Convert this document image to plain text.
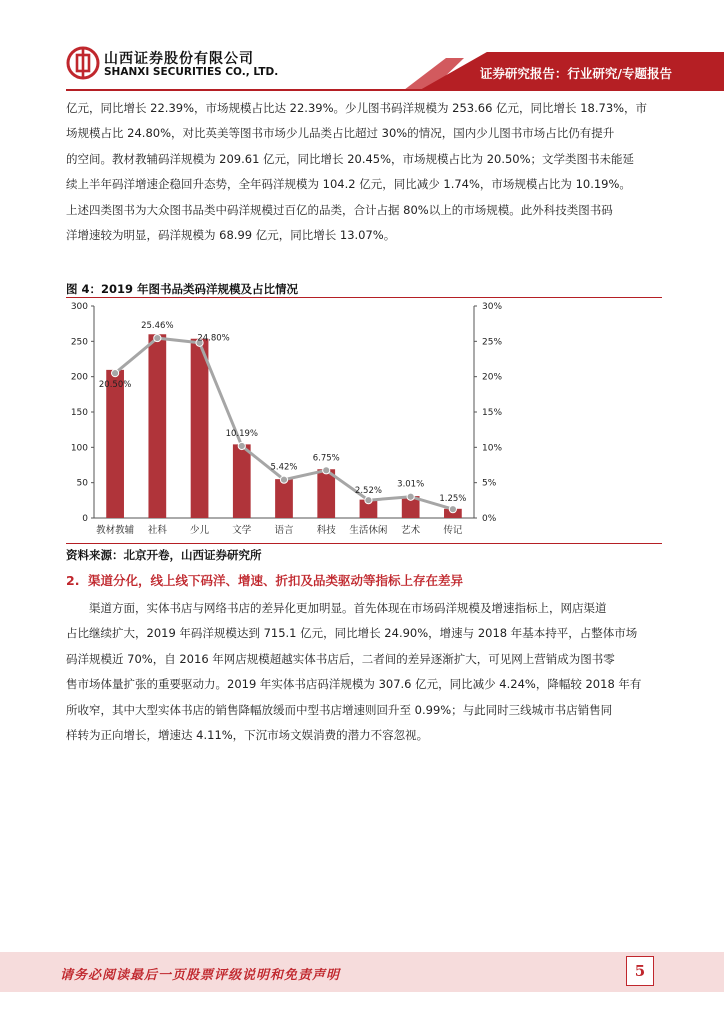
山西证券股份有限公司
SHANXI SECURITIES CO., LTD.	证券研究报告：行业研究/专题报告

亿元，同比增长 22.39%，市场规模占比达 22.39%。少儿图书码洋规模为 253.66 亿元，同比增长 18.73%，市

场规模占比 24.80%，对比英美等图书市场少儿品类占比超过 30%的情况，国内少儿图书市场占比仍有提升

的空间。教材教辅码洋规模为 209.61 亿元，同比增长 20.45%，市场规模占比为 20.50%；文学类图书未能延

续上半年码洋增速企稳回升态势，全年码洋规模为 104.2 亿元，同比减少 1.74%，市场规模占比为 10.19%。

上述四类图书为大众图书品类中码洋规模过百亿的品类，合计占据 80%以上的市场规模。此外科技类图书码

洋增速较为明显，码洋规模为 68.99 亿元，同比增长 13.07%。

图 4：2019 年图书品类码洋规模及占比情况
0
50
100
150
200
250
300
0%
5%
10%
15%
20%
25%
30%
教材教辅 社科 少儿 文学 语言 科技 生活休闲 艺术 传记
20.50%
25.46%
24.80%
10.19%
5.42%
6.75%
2.52%
3.01%
1.25%
资料来源：北京开卷，山西证券研究所
2. 渠道分化，线上线下码洋、增速、折扣及品类驱动等指标上存在差异

渠道方面，实体书店与网络书店的差异化更加明显。首先体现在市场码洋规模及增速指标上，网店渠道

占比继续扩大，2019 年码洋规模达到 715.1 亿元，同比增长 24.90%，增速与 2018 年基本持平，占整体市场

码洋规模近 70%，自 2016 年网店规模超越实体书店后，二者间的差异逐渐扩大，可见网上营销成为图书零

售市场体量扩张的重要驱动力。2019 年实体书店码洋规模为 307.6 亿元，同比减少 4.24%，降幅较 2018 年有

所收窄，其中大型实体书店的销售降幅放缓而中型书店增速则回升至 0.99%；与此同时三线城市书店销售同

样转为正向增长，增速达 4.11%，下沉市场文娱消费的潜力不容忽视。

请务必阅读最后一页股票评级说明和免责声明	5
